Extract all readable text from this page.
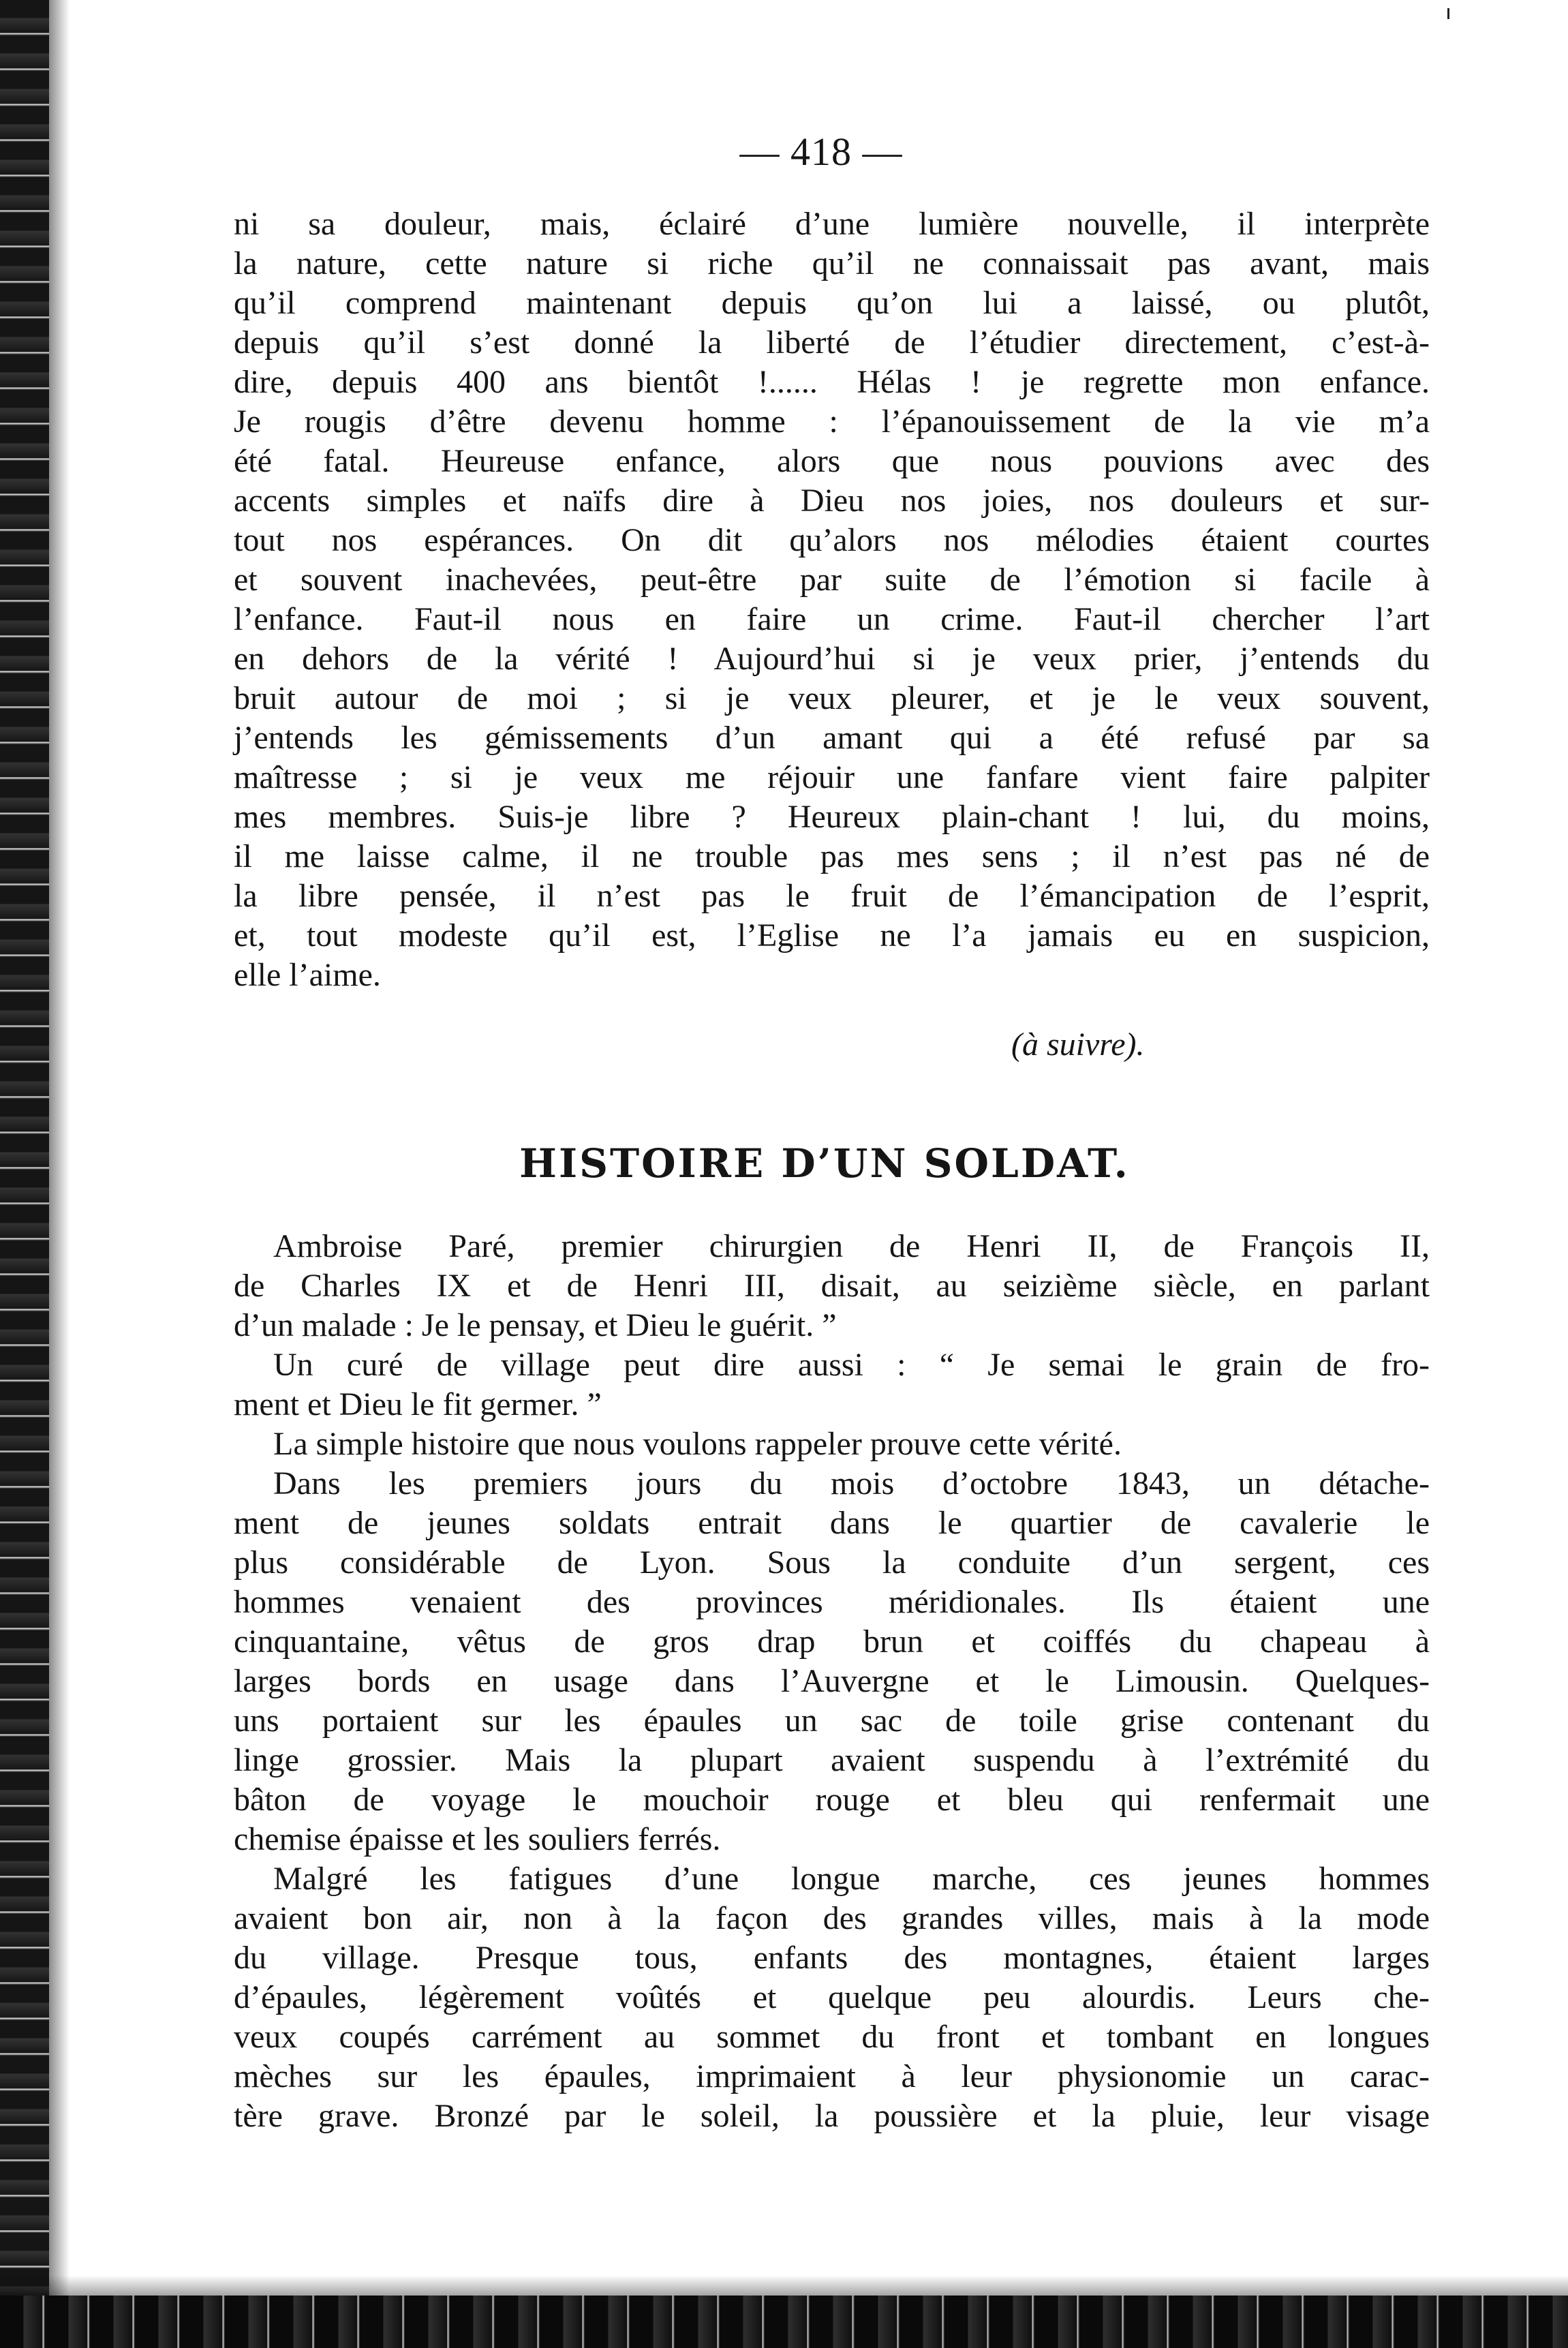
— 418 —
ni sa douleur, mais, éclairé d’une lumière nouvelle, il interprète
la nature, cette nature si riche qu’il ne connaissait pas avant, mais
qu’il comprend maintenant depuis qu’on lui a laissé, ou plutôt,
depuis qu’il s’est donné la liberté de l’étudier directement, c’est-à-
dire, depuis 400 ans bientôt !...... Hélas ! je regrette mon enfance.
Je rougis d’être devenu homme : l’épanouissement de la vie m’a
été fatal. Heureuse enfance, alors que nous pouvions avec des
accents simples et naïfs dire à Dieu nos joies, nos douleurs et sur-
tout nos espérances. On dit qu’alors nos mélodies étaient courtes
et souvent inachevées, peut-être par suite de l’émotion si facile à
l’enfance. Faut-il nous en faire un crime. Faut-il chercher l’art
en dehors de la vérité ! Aujourd’hui si je veux prier, j’entends du
bruit autour de moi ; si je veux pleurer, et je le veux souvent,
j’entends les gémissements d’un amant qui a été refusé par sa
maîtresse ; si je veux me réjouir une fanfare vient faire palpiter
mes membres. Suis-je libre ? Heureux plain-chant ! lui, du moins,
il me laisse calme, il ne trouble pas mes sens ; il n’est pas né de
la libre pensée, il n’est pas le fruit de l’émancipation de l’esprit,
et, tout modeste qu’il est, l’Eglise ne l’a jamais eu en suspicion,
elle l’aime.
(à suivre).
HISTOIRE D’UN SOLDAT.
Ambroise Paré, premier chirurgien de Henri II, de François II,
de Charles IX et de Henri III, disait, au seizième siècle, en parlant
d’un malade : Je le pensay, et Dieu le guérit. ”
Un curé de village peut dire aussi : “ Je semai le grain de fro-
ment et Dieu le fit germer. ”
La simple histoire que nous voulons rappeler prouve cette vérité.
Dans les premiers jours du mois d’octobre 1843, un détache-
ment de jeunes soldats entrait dans le quartier de cavalerie le
plus considérable de Lyon. Sous la conduite d’un sergent, ces
hommes venaient des provinces méridionales. Ils étaient une
cinquantaine, vêtus de gros drap brun et coiffés du chapeau à
larges bords en usage dans l’Auvergne et le Limousin. Quelques-
uns portaient sur les épaules un sac de toile grise contenant du
linge grossier. Mais la plupart avaient suspendu à l’extrémité du
bâton de voyage le mouchoir rouge et bleu qui renfermait une
chemise épaisse et les souliers ferrés.
Malgré les fatigues d’une longue marche, ces jeunes hommes
avaient bon air, non à la façon des grandes villes, mais à la mode
du village. Presque tous, enfants des montagnes, étaient larges
d’épaules, légèrement voûtés et quelque peu alourdis. Leurs che-
veux coupés carrément au sommet du front et tombant en longues
mèches sur les épaules, imprimaient à leur physionomie un carac-
tère grave. Bronzé par le soleil, la poussière et la pluie, leur visage
